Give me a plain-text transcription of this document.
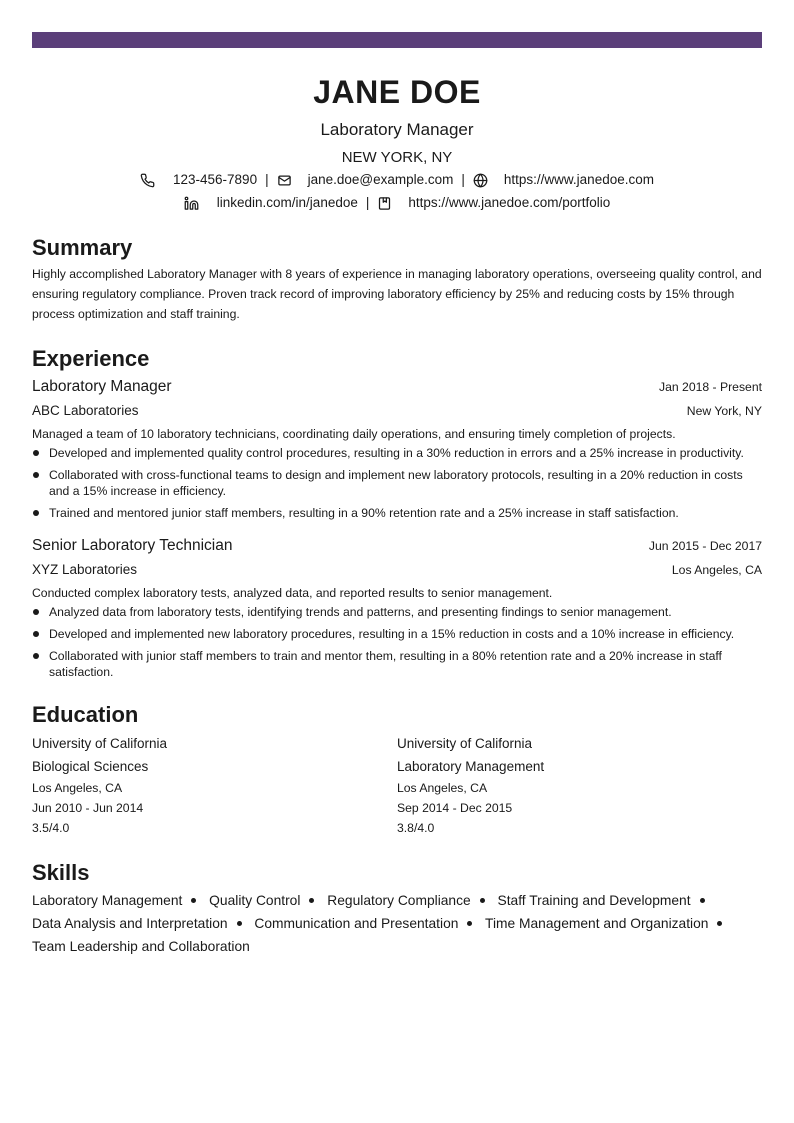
JANE DOE
Laboratory Manager
NEW YORK, NY
123-456-7890 |	jane.doe@example.com |	https://www.janedoe.com
linkedin.com/in/janedoe |	https://www.janedoe.com/portfolio
Summary
Highly accomplished Laboratory Manager with 8 years of experience in managing laboratory operations, overseeing quality control, and ensuring regulatory compliance. Proven track record of improving laboratory efficiency by 25% and reducing costs by 15% through process optimization and staff training.
Experience
Laboratory Manager	Jan 2018 - Present
ABC Laboratories	New York, NY
Managed a team of 10 laboratory technicians, coordinating daily operations, and ensuring timely completion of projects.
Developed and implemented quality control procedures, resulting in a 30% reduction in errors and a 25% increase in productivity.
Collaborated with cross-functional teams to design and implement new laboratory protocols, resulting in a 20% reduction in costs and a 15% increase in efficiency.
Trained and mentored junior staff members, resulting in a 90% retention rate and a 25% increase in staff satisfaction.
Senior Laboratory Technician	Jun 2015 - Dec 2017
XYZ Laboratories	Los Angeles, CA
Conducted complex laboratory tests, analyzed data, and reported results to senior management.
Analyzed data from laboratory tests, identifying trends and patterns, and presenting findings to senior management.
Developed and implemented new laboratory procedures, resulting in a 15% reduction in costs and a 10% increase in efficiency.
Collaborated with junior staff members to train and mentor them, resulting in a 80% retention rate and a 20% increase in staff satisfaction.
Education
University of California
Biological Sciences
Los Angeles, CA
Jun 2010 - Jun 2014
3.5/4.0
University of California
Laboratory Management
Los Angeles, CA
Sep 2014 - Dec 2015
3.8/4.0
Skills
Laboratory Management Quality Control Regulatory Compliance Staff Training and Development Data Analysis and Interpretation Communication and Presentation Time Management and Organization Team Leadership and Collaboration
